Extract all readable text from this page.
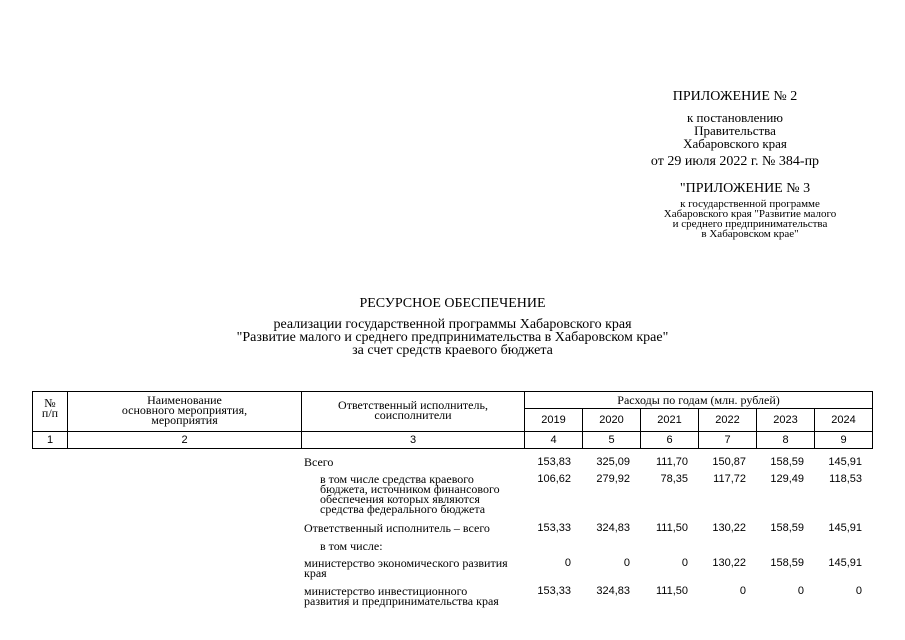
ПРИЛОЖЕНИЕ № 2
к постановлению
Правительства
Хабаровского края
от 29 июля 2022 г. № 384-пр
"ПРИЛОЖЕНИЕ № 3
к государственной программе
Хабаровского края "Развитие малого
и среднего предпринимательства
в Хабаровском крае"
РЕСУРСНОЕ ОБЕСПЕЧЕНИЕ
реализации государственной программы Хабаровского края
"Развитие малого и среднего предпринимательства в Хабаровском крае"
за счет средств краевого бюджета
№
п/п	Наименование
основного мероприятия,
мероприятия	Ответственный исполнитель,
соисполнители	Расходы по годам (млн. рублей)					

			2019	2020	2021	2022	2023	2024
1	2	3	4	5	6	7	8	9
Всего	153,83	325,09	111,70	150,87	158,59	145,91
в том числе средства краевого
бюджета, источником финансового
обеспечения которых являются
средства федерального бюджета
106,62	279,92	78,35	117,72	129,49	118,53
Ответственный исполнитель – всего	153,33	324,83	111,50	130,22	158,59	145,91
в том числе:
министерство экономического развития
края
0	0	0	130,22	158,59	145,91
министерство инвестиционного
развития и предпринимательства края
153,33	324,83	111,50	0	0	0
